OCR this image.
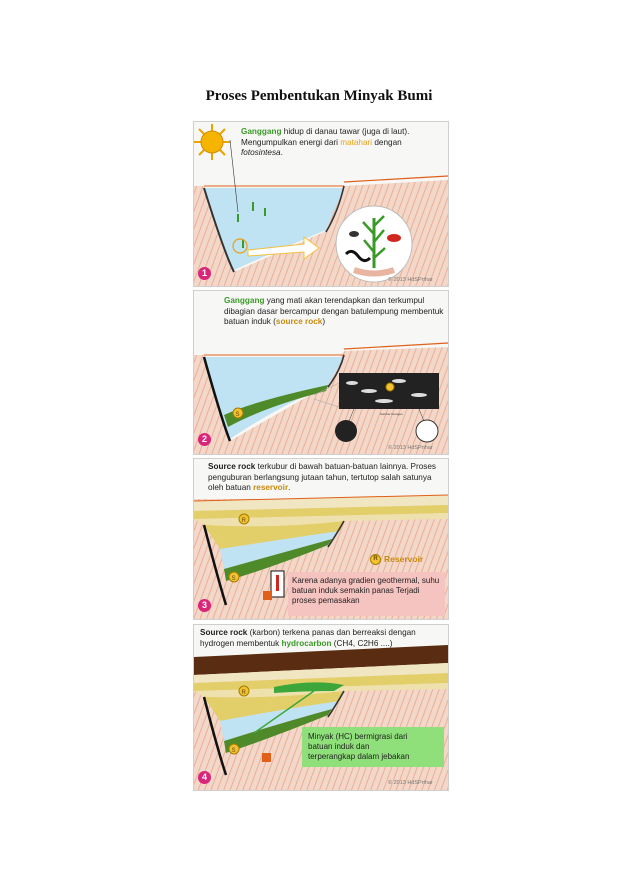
Proses Pembentukan Minyak Bumi
Ganggang hidup di danau tawar (juga di laut). Mengumpulkan energi dari matahari dengan fotosintesa.
1
© 2013 HdSPrihar
S	Sumber Kerogen
Ganggang yang mati akan terendapkan dan terkumpul dibagian dasar bercampur dengan batulempung membentuk batuan induk (source rock)
2
© 2013 HdSPrihar
R
S
Source rock terkubur di bawah batuan-batuan lainnya. Proses penguburan berlangsung jutaan tahun, tertutop salah satunya oleh batuan reservoir.
R Reservoir
Karena adanya gradien geothermal, suhu batuan induk semakin panas Terjadi proses pemasakan
3
R
S
Source rock (karbon) terkena panas dan berreaksi dengan hydrogen membentuk hydrocarbon (CH4, C2H6 ....)
Minyak (HC) bermigrasi dari batuan induk dan terperangkap dalam jebakan
4
© 2013 HdSPrihar
